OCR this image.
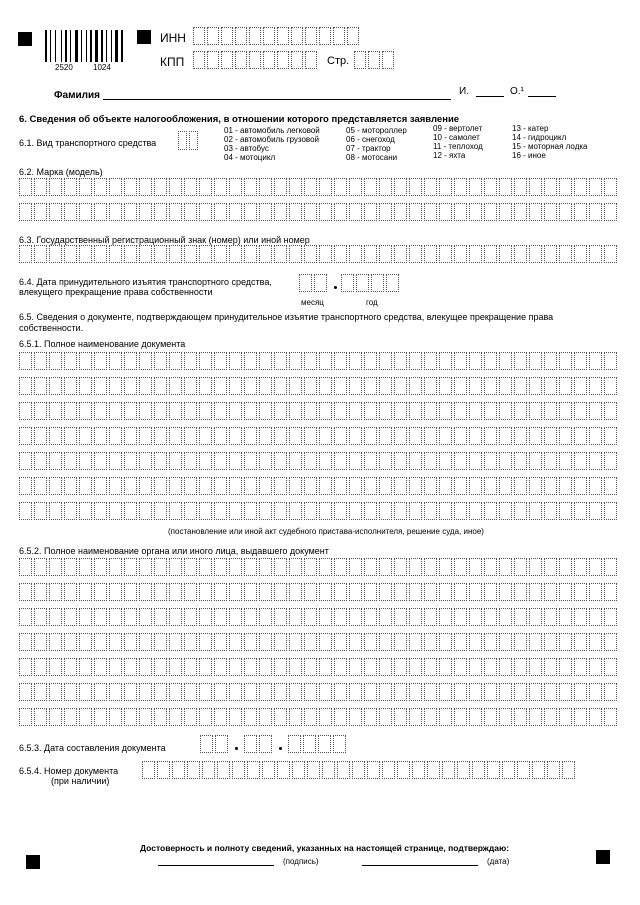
2520	1024
ИНН
КПП	Стр.
Фамилия	И.	О.¹
6. Сведения об объекте налогообложения, в отношении которого представляется заявление
6.1. Вид транспортного средства
01 - автомобиль легковой
02 - автомобиль грузовой
03 - автобус
04 - мотоцикл
05 - мотороллер
06 - снегоход
07 - трактор
08 - мотосани
09 - вертолет
10 - самолет
11 - теплоход
12 - яхта
13 - катер
14 - гидроцикл
15 - моторная лодка
16 - иное
6.2. Марка (модель)
6.3. Государственный регистрационный знак (номер) или иной номер
6.4. Дата принудительного изъятия транспортного средства,
влекущего прекращение права собственности
месяц	год
6.5. Сведения о документе, подтверждающем принудительное изъятие транспортного средства, влекущее прекращение права
собственности.
6.5.1. Полное наименование документа
(постановление или иной акт судебного пристава-исполнителя, решение суда, иное)
6.5.2. Полное наименование органа или иного лица, выдавшего документ
6.5.3. Дата составления документа
6.5.4. Номер документа
(при наличии)
Достоверность и полноту сведений, указанных на настоящей странице, подтверждаю:
(подпись)	(дата)
